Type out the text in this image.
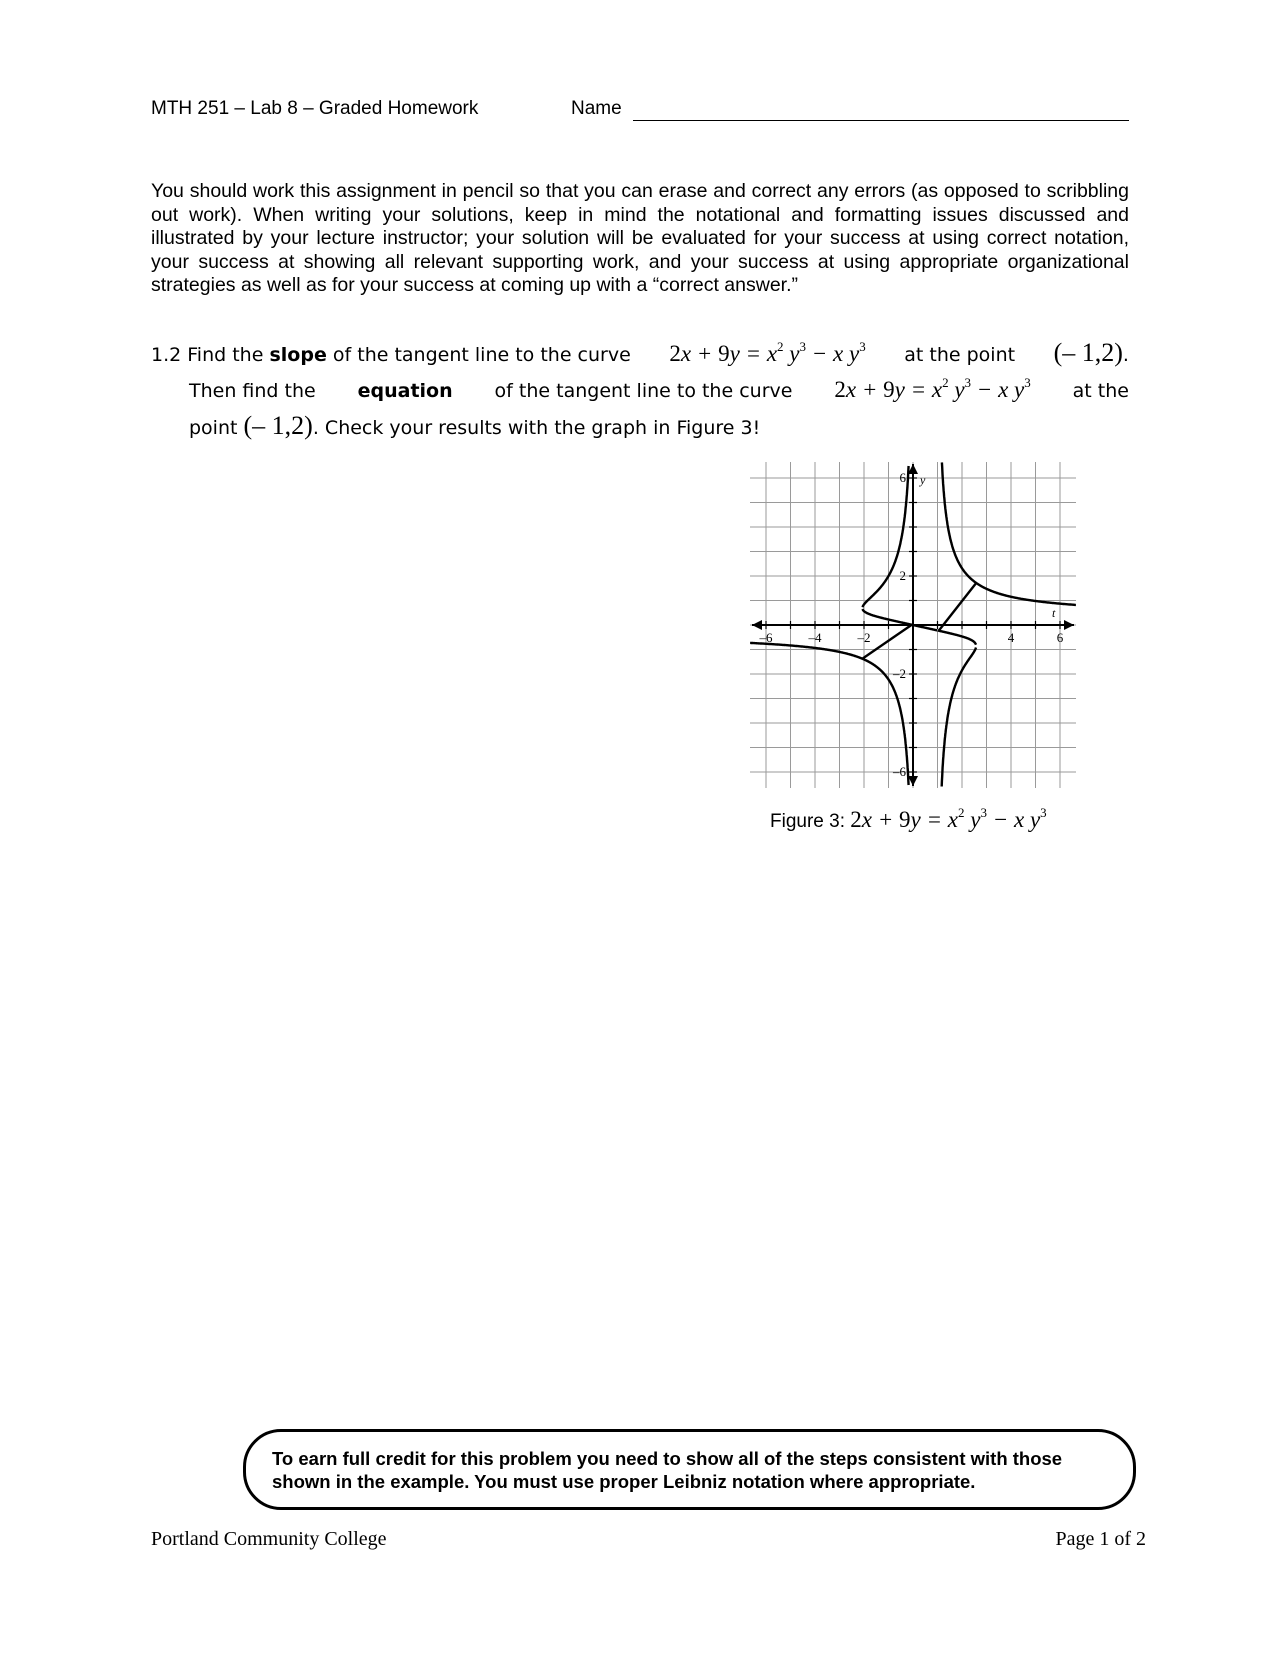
MTH 251 – Lab 8 – Graded Homework	Name
You should work this assignment in pencil so that you can erase and correct any errors (as opposed to scribbling out work). When writing your solutions, keep in mind the notational and formatting issues discussed and illustrated by your lecture instructor; your solution will be evaluated for your success at using correct notation, your success at showing all relevant supporting work, and your success at using appropriate organizational strategies as well as for your success at coming up with a “correct answer.”
1.2 Find the slope of the tangent line to the curve $2x + 9y = x^2$ $y^3 - x$ $y^3$ at the point (– 1,2).
Then find the equation of the tangent line to the curve $2x + 9y = x^2$ $y^3 - x$ $y^3$ at the
point (– 1,2). Check your results with the graph in Figure 3!
–6	–4	–2	4	6
6
2
–2
–6
t
y
Figure 3: $2x + 9y = x^2$ $y^3 - x$ $y^3$
To earn full credit for this problem you need to show all of the steps consistent with those shown in the example. You must use proper Leibniz notation where appropriate.
Portland Community College	Page 1 of 2
